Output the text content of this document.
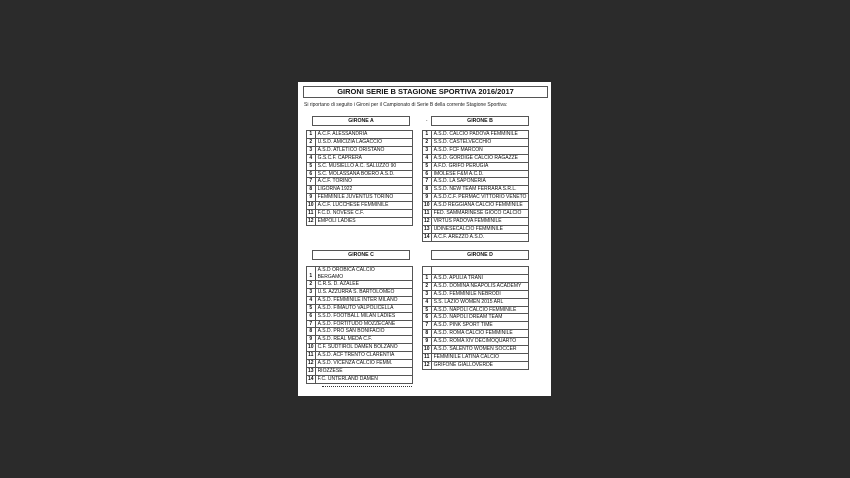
GIRONI SERIE B STAGIONE SPORTIVA 2016/2017
Si riportano di seguito i Gironi per il Campionato di Serie B della corrente Stagione Sportiva:
GIRONE A	.	GIRONE B
1	A.C.F. ALESSANDRIA
2	U.S.D. AMICIZIA LAGACCIO
3	A.S.D. ATLETICO ORISTANO
4	G.S.C.F. CAPRERA
5	S.C. MUSIELLO A.C. SALUZZO 90
6	S.C. MOLASSANA BOERO A.S.D.
7	A.C.F. TORINO
8	LIGORNA 1922
9	FEMMINILE JUVENTUS TORINO
10	A.C.F. LUCCHESE FEMMINILE
11	F.C.D. NOVESE C.F.
12	EMPOLI LADIES
1	A.S.D. CALCIO PADOVA FEMMINILE
2	S.S.D. CASTELVECCHIO
3	A.S.D. FCF MARCON
4	A.S.D. GORDIGE CALCIO RAGAZZE
5	A.F.D. GRIFO PERUGIA
6	IMOLESE F&M A.C.D.
7	A.S.D. LA SAPONERIA
8	S.S.D. NEW TEAM FERRARA S.R.L.
9	A.S.D.C.F. PERMAC VITTORIO VENETO
10	A.S.D REGGIANA CALCIO FEMMINILE
11	FED. SAMMARINESE GIOCO CALCIO
12	VIRTUS PADOVA FEMMINILE
13	UDINESECALCIO FEMMINILE
14	A.C.F. AREZZO A.S.D.
GIRONE C	GIRONE D
1	A.S.D OROBICA CALCIO
BERGAMO
2	C.R.S. D. AZALEE
3	U.S. AZZURRA S. BARTOLOMEO
4	A.S.D. FEMMINILE INTER MILANO
5	A.S.D. FIMAUTO VALPOLICELLA
6	S.S.D. FOOTBALL MILAN LADIES
7	A.S.D. FORTITUDO MOZZECANE
8	A.S.D. PRO SAN BONIFACIO
9	A.S.D. REAL MEDA C.F.
10	C.F. SUDTIROL DAMEN BOLZANO
11	A.S.D. ACF TRENTO CLARENTIA
12	A.S.D. VICENZA CALCIO FEMM.
13	RIOZZESE
14	F.C. UNTERLAND DAMEN

1	A.S.D. APULIA TRANI
2	A.S.D. DOMINA NEAPOLIS ACADEMY
3	A.S.D. FEMMINILE NEBRODI
4	S.S. LAZIO WOMEN 2015 ARL
5	A.S.D. NAPOLI CALCIO FEMMINILE
6	A.S.D. NAPOLI DREAM TEAM
7	A.S.D. PINK SPORT TIME
8	A.S.D. ROMA CALCIO FEMMINILE
9	A.S.D. ROMA XIV DECIMOQUARTO
10	A.S.D. SALENTO WOMEN SOCCER
11	FEMMINILE LATINA CALCIO
12	GRIFONE GIALLOVERDE
